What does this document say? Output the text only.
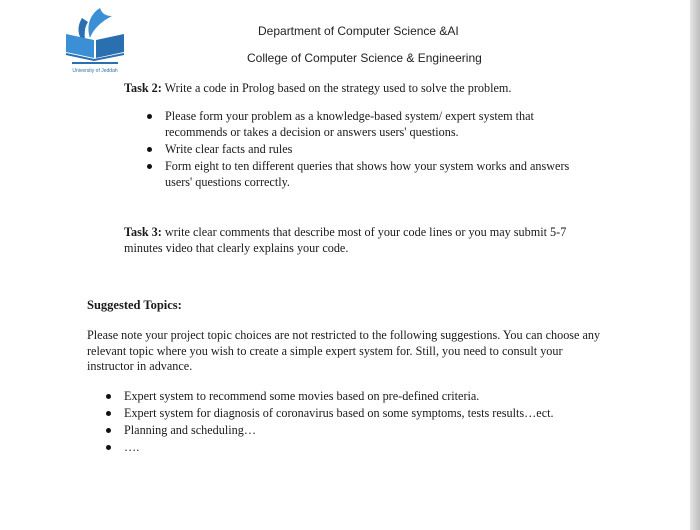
University of Jeddah
Department of Computer Science &AI
College of Computer Science & Engineering
Task 2: Write a code in Prolog based on the strategy used to solve the problem.
Please form your problem as a knowledge-based system/ expert system that recommends or takes a decision or answers users' questions.
Write clear facts and rules
Form eight to ten different queries that shows how your system works and answers users' questions correctly.
Task 3: write clear comments that describe most of your code lines or you may submit 5-7 minutes video that clearly explains your code.
Suggested Topics:
Please note your project topic choices are not restricted to the following suggestions. You can choose any relevant topic where you wish to create a simple expert system for. Still, you need to consult your instructor in advance.
Expert system to recommend some movies based on pre-defined criteria.
Expert system for diagnosis of coronavirus based on some symptoms, tests results…ect.
Planning and scheduling…
….
